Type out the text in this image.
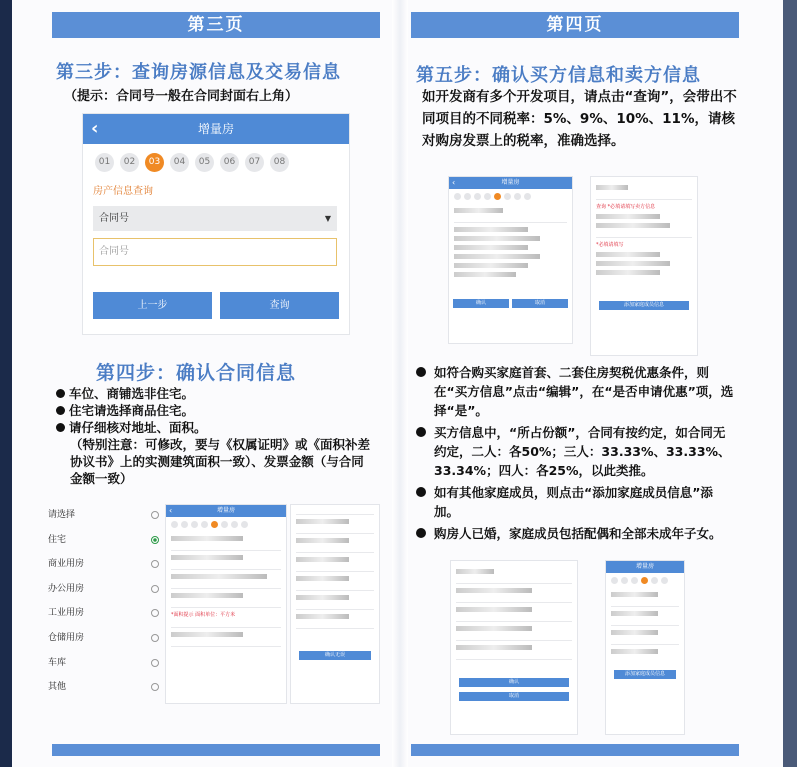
第三页
第三步：查询房源信息及交易信息
（提示：合同号一般在合同封面右上角）
‹	增量房
01	02	03	04	05	06	07	08
房产信息查询
合同号	▼
合同号
上一步	查询
第四步：确认合同信息
车位、商铺选非住宅。
住宅请选择商品住宅。
请仔细核对地址、面积。
（特别注意：可修改，要与《权属证明》或《面积补差协议书》上的实测建筑面积一致）、发票金额（与合同金额一致）
请选择
住宅
商业用房
办公用房
工业用房
仓储用房
车库
其他
‹	增量房
*面积提示 面积单位：平方米
确认无误
第四页
第五步：确认买方信息和卖方信息
如开发商有多个开发项目，请点击“查询”，会带出不同项目的不同税率：5%、9%、10%、11%，请核对购房发票上的税率，准确选择。
‹	增量房
确认	取消
查询 *必填请填写卖方信息
*必填请填写
添加家庭成员信息
如符合购买家庭首套、二套住房契税优惠条件，则在“买方信息”点击“编辑”，在“是否申请优惠”项，选择“是”。
买方信息中，“所占份额”，合同有按约定，如合同无约定，二人：各50%；三人：33.33%、33.33%、33.34%；四人：各25%，以此类推。
如有其他家庭成员，则点击“添加家庭成员信息”添加。
购房人已婚，家庭成员包括配偶和全部未成年子女。
确认
取消
增量房
添加家庭成员信息
